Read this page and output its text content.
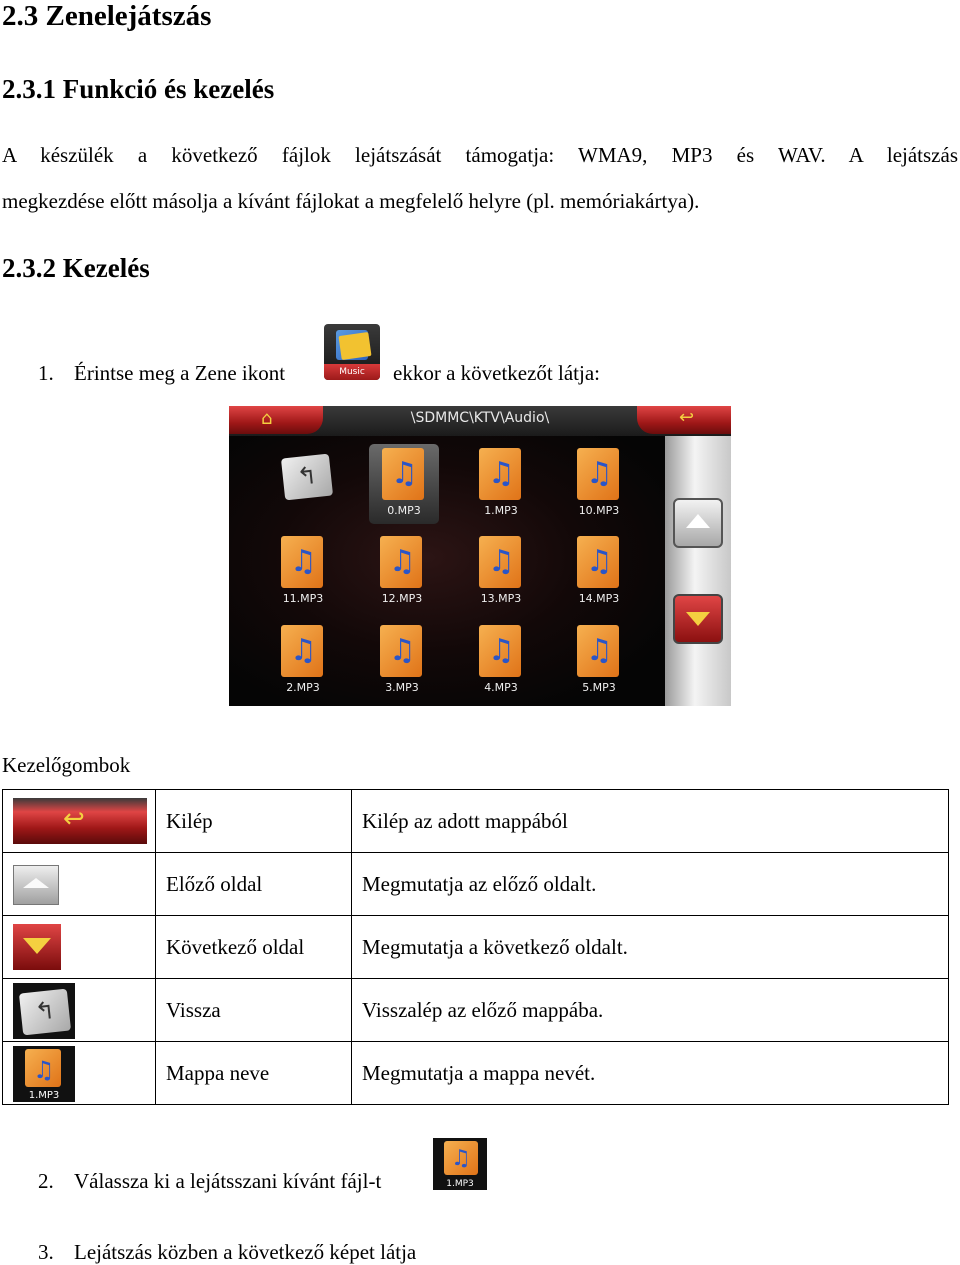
2.3 Zenelejátszás
2.3.1 Funkció és kezelés
A készülék a következő fájlok lejátszását támogatja: WMA9, MP3 és WAV. A lejátszás
megkezdése előtt másolja a kívánt fájlokat a megfelelő helyre (pl. memóriakártya).
2.3.2 Kezelés
1. Érintse meg a Zene ikont	ekkor a következőt látja:
Music
⌂	\SDMMC\KTV\Audio\	↩
↰ ♫
0.MP3
♫
1.MP3
♫
10.MP3
♫
11.MP3
♫
12.MP3
♫
13.MP3
♫
14.MP3
♫
2.MP3
♫
3.MP3
♫
4.MP3
♫
5.MP3
Kezelőgombok
↩	Kilép	Kilép az adott mappából

	Előző oldal	Megmutatja az előző oldalt.

	Következő oldal	Megmutatja a következő oldalt.

↰	Vissza	Visszalép az előző mappába.

♫
1.MP3	Mappa neve	Megmutatja a mappa nevét.
2. Válassza ki a lejátsszani kívánt fájl-t
♫
1.MP3
3. Lejátszás közben a következő képet látja
